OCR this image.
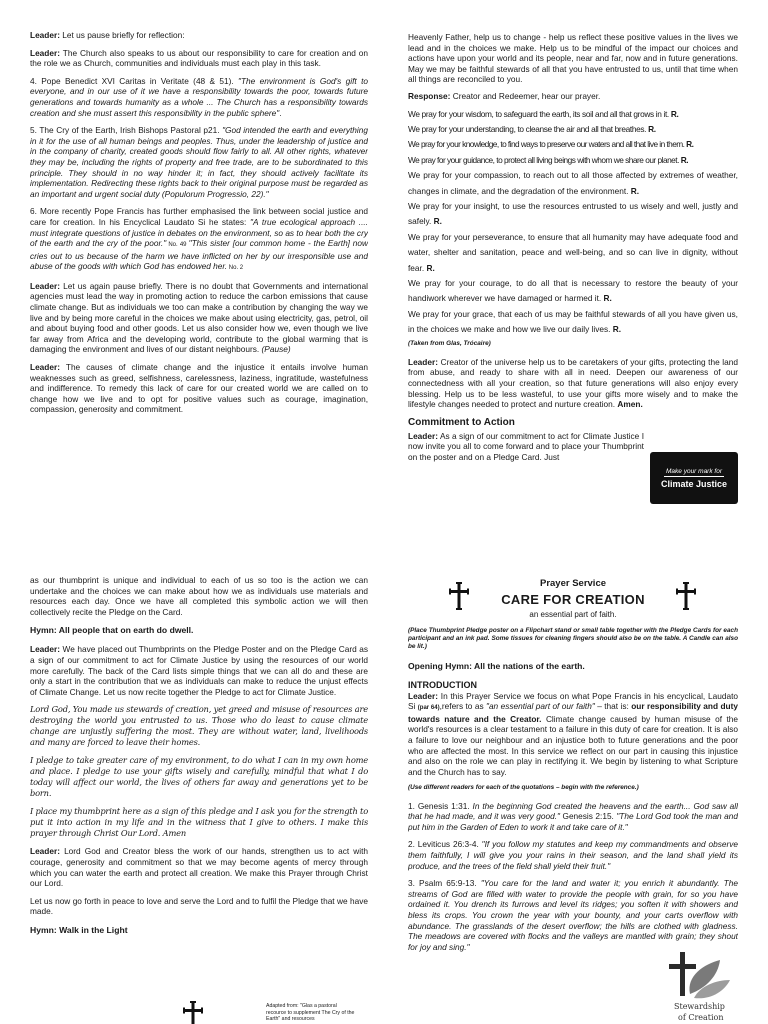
Leader: Let us pause briefly for reflection:

Leader: The Church also speaks to us about our responsibility to care for creation and on the role we as Church, communities and individuals must each play in this task.

4. Pope Benedict XVI Caritas in Veritate (48 & 51). "The environment is God's gift to everyone, and in our use of it we have a responsibility towards the poor, towards future generations and towards humanity as a whole ... The Church has a responsibility towards creation and she must assert this responsibility in the public sphere".

5. The Cry of the Earth, Irish Bishops Pastoral p21. "God intended the earth and everything in it for the use of all human beings and peoples. Thus, under the leadership of justice and in the company of charity, created goods should flow fairly to all. All other rights, whatever they may be, including the rights of property and free trade, are to be subordinated to this principle. They should in no way hinder it; in fact, they should actively facilitate its implementation. Redirecting these rights back to their original purpose must be regarded as an important and urgent social duty (Populorum Progressio, 22)."

6. More recently Pope Francis has further emphasised the link between social justice and care for creation. In his Encyclical Laudato Si he states: "A true ecological approach .... must integrate questions of justice in debates on the environment, so as to hear both the cry of the earth and the cry of the poor." No. 49 "This sister [our common home - the Earth] now cries out to us because of the harm we have inflicted on her by our irresponsible use and abuse of the goods with which God has endowed her. No. 2

Leader: Let us again pause briefly. There is no doubt that Governments and international agencies must lead the way in promoting action to reduce the carbon emissions that cause climate change. But as individuals we too can make a contribution by changing the way we live and by being more careful in the choices we make about using electricity, gas, petrol, oil and about buying food and other goods. Let us also consider how we, even though we live far away from Africa and the developing world, contribute to the global warming that is damaging the environment and lives of our distant neighbours. (Pause)

Leader: The causes of climate change and the injustice it entails involve human weaknesses such as greed, selfishness, carelessness, laziness, ingratitude, wastefulness and indifference. To remedy this lack of care for our created world we are called on to change how we live and to opt for positive values such as courage, imagination, compassion, generosity and commitment.

Heavenly Father, help us to change - help us reflect these positive values in the lives we lead and in the choices we make. Help us to be mindful of the impact our choices and actions have upon your world and its people, near and far, now and in future generations. May we may be faithful stewards of all that you have entrusted to us, until that time when all things are reconciled to you.

Response: Creator and Redeemer, hear our prayer.

We pray for your wisdom, to safeguard the earth, its soil and all that grows in it. R.

We pray for your understanding, to cleanse the air and all that breathes. R.

We pray for your knowledge, to find ways to preserve our waters and all that live in them. R.

We pray for your guidance, to protect all living beings with whom we share our planet. R.

We pray for your compassion, to reach out to all those affected by extremes of weather, changes in climate, and the degradation of the environment. R.

We pray for your insight, to use the resources entrusted to us wisely and well, justly and safely. R.

We pray for your perseverance, to ensure that all humanity may have adequate food and water, shelter and sanitation, peace and well-being, and so can live in dignity, without fear. R.

We pray for your courage, to do all that is necessary to restore the beauty of your handiwork wherever we have damaged or harmed it. R.

We pray for your grace, that each of us may be faithful stewards of all you have given us, in the choices we make and how we live our daily lives. R.

(Taken from Glas, Trócaire)

Leader: Creator of the universe help us to be caretakers of your gifts, protecting the land from abuse, and ready to share with all in need. Deepen our awareness of our connectedness with all your creation, so that future generations will also enjoy every blessing. Help us to be less wasteful, to use your gifts more wisely and to make the lifestyle changes needed to protect and nurture creation. Amen.

Commitment to Action

Leader: As a sign of our commitment to act for Climate Justice I now invite you all to come forward and to place your Thumbprint on the poster and on a Pledge Card. Just

Make your mark for
Climate Justice

as our thumbprint is unique and individual to each of us so too is the action we can undertake and the choices we can make about how we as individuals use materials and resources each day. Once we have all completed this symbolic action we will then collectively recite the Pledge on the Card.

Hymn: All people that on earth do dwell.

Leader: We have placed out Thumbprints on the Pledge Poster and on the Pledge Card as a sign of our commitment to act for Climate Justice by using the resources of our world more carefully. The back of the Card lists simple things that we can all do and these are only a start in the contribution that we as individuals can make to reduce the unjust effects of Climate Change. Let us now recite together the Pledge to act for Climate Justice.

Lord God, You made us stewards of creation, yet greed and misuse of resources are destroying the world you entrusted to us. Those who do least to cause climate change are unjustly suffering the most. They are without water, land, livelihoods and many are forced to leave their homes.

I pledge to take greater care of my environment, to do what I can in my own home and place. I pledge to use your gifts wisely and carefully, mindful that what I do today will affect our world, the lives of others far away and generations yet to be born.

I place my thumbprint here as a sign of this pledge and I ask you for the strength to put it into action in my life and in the witness that I give to others. I make this prayer through Christ Our Lord. Amen

Leader: Lord God and Creator bless the work of our hands, strengthen us to act with courage, generosity and commitment so that we may become agents of mercy through which you can water the earth and protect all creation. We make this Prayer through Christ our Lord.

Let us now go forth in peace to love and serve the Lord and to fulfil the Pledge that we have made.

Hymn: Walk in the Light
Adapted from: "Glas a pastoral recource to supplement The Cry of the Earth" and resources
Prayer Service
CARE FOR CREATION
an essential part of faith.

(Place Thumbprint Pledge poster on a Flipchart stand or small table together with the Pledge Cards for each participant and an ink pad. Some tissues for cleaning fingers should also be on the table. A Candle can also be lit.)

Opening Hymn: All the nations of the earth.
INTRODUCTION

Leader: In this Prayer Service we focus on what Pope Francis in his encyclical, Laudato Si (par 64),refers to as "an essential part of our faith" – that is: our responsibility and duty towards nature and the Creator. Climate change caused by human misuse of the world's resources is a clear testament to a failure in this duty of care for creation. It is also a failure to love our neighbour and an injustice both to future generations and the poor who are affected the most. In this service we reflect on our part in causing this injustice and also on the role we can play in rectifying it. We begin by listening to what Scripture and the Church has to say.

(Use different readers for each of the quotations – begin with the reference.)

1. Genesis 1:31. In the beginning God created the heavens and the earth... God saw all that he had made, and it was very good." Genesis 2:15. "The Lord God took the man and put him in the Garden of Eden to work it and take care of it."

2. Leviticus 26:3-4. "If you follow my statutes and keep my commandments and observe them faithfully, I will give you your rains in their season, and the land shall yield its produce, and the trees of the field shall yield their fruit."

3. Psalm 65:9-13. "You care for the land and water it; you enrich it abundantly. The streams of God are filled with water to provide the people with grain, for so you have ordained it. You drench its furrows and level its ridges; you soften it with showers and bless its crops. You crown the year with your bounty, and your carts overflow with abundance. The grasslands of the desert overflow; the hills are clothed with gladness. The meadows are covered with flocks and the valleys are mantled with grain; they shout for joy and sing."

Stewardship
of Creation
